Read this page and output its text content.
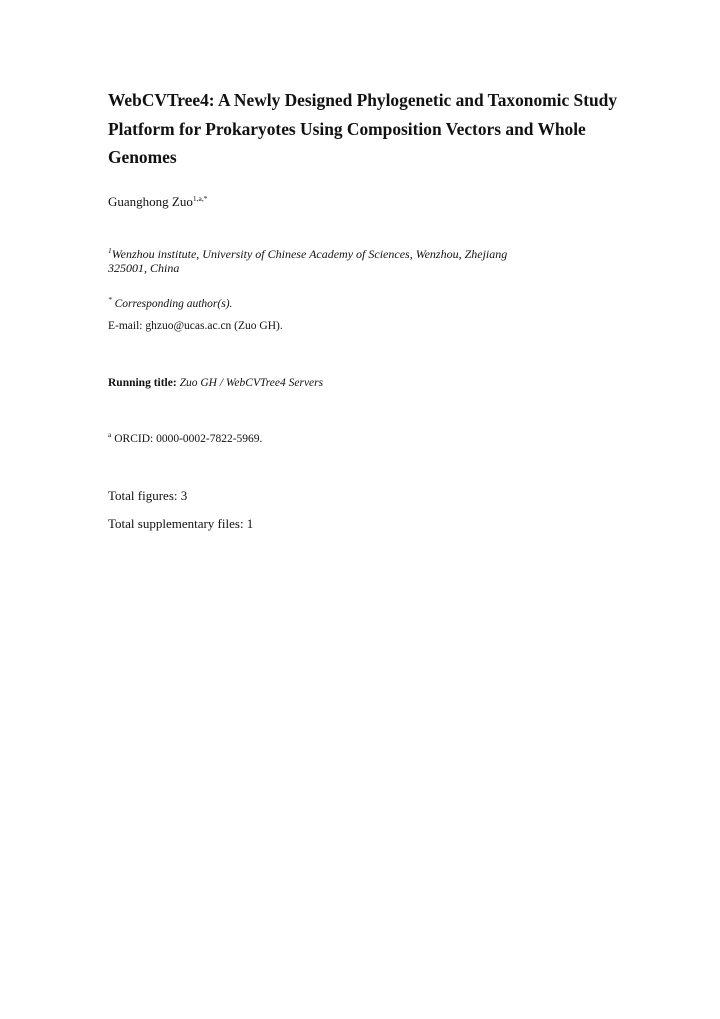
WebCVTree4: A Newly Designed Phylogenetic and Taxonomic Study
Platform for Prokaryotes Using Composition Vectors and Whole
Genomes
Guanghong Zuo$^{1,a,*}$
$^1$Wenzhou institute, University of Chinese Academy of Sciences, Wenzhou, Zhejiang
325001, China
* Corresponding author(s).
E-mail: ghzuo@ucas.ac.cn (Zuo GH).
Running title: Zuo GH / WebCVTree4 Servers
$^a$ ORCID: 0000-0002-7822-5969.
Total figures: 3
Total supplementary files: 1
